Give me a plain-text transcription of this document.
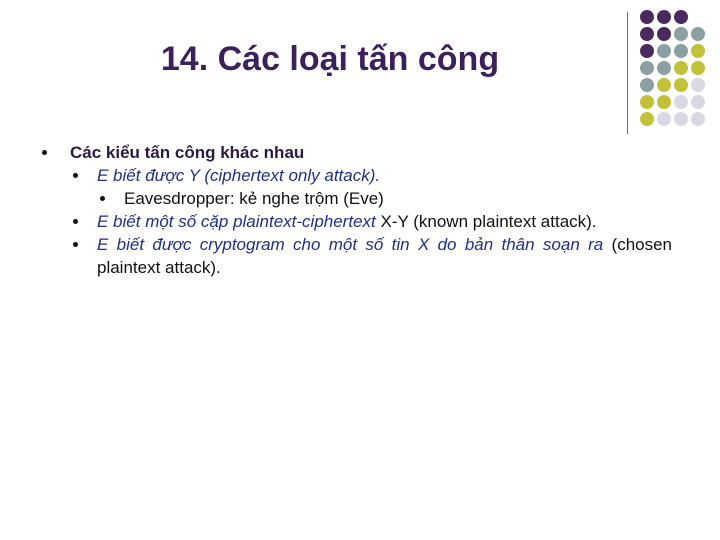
14. Các loại tấn công
Các kiểu tấn công khác nhau
E biết được Y (ciphertext only attack).
Eavesdropper: kẻ nghe trộm (Eve)
E biết một số cặp plaintext-ciphertext X-Y (known plaintext attack).
E biết được cryptogram cho một số tin X do bản thân soạn ra (chosen plaintext attack).
